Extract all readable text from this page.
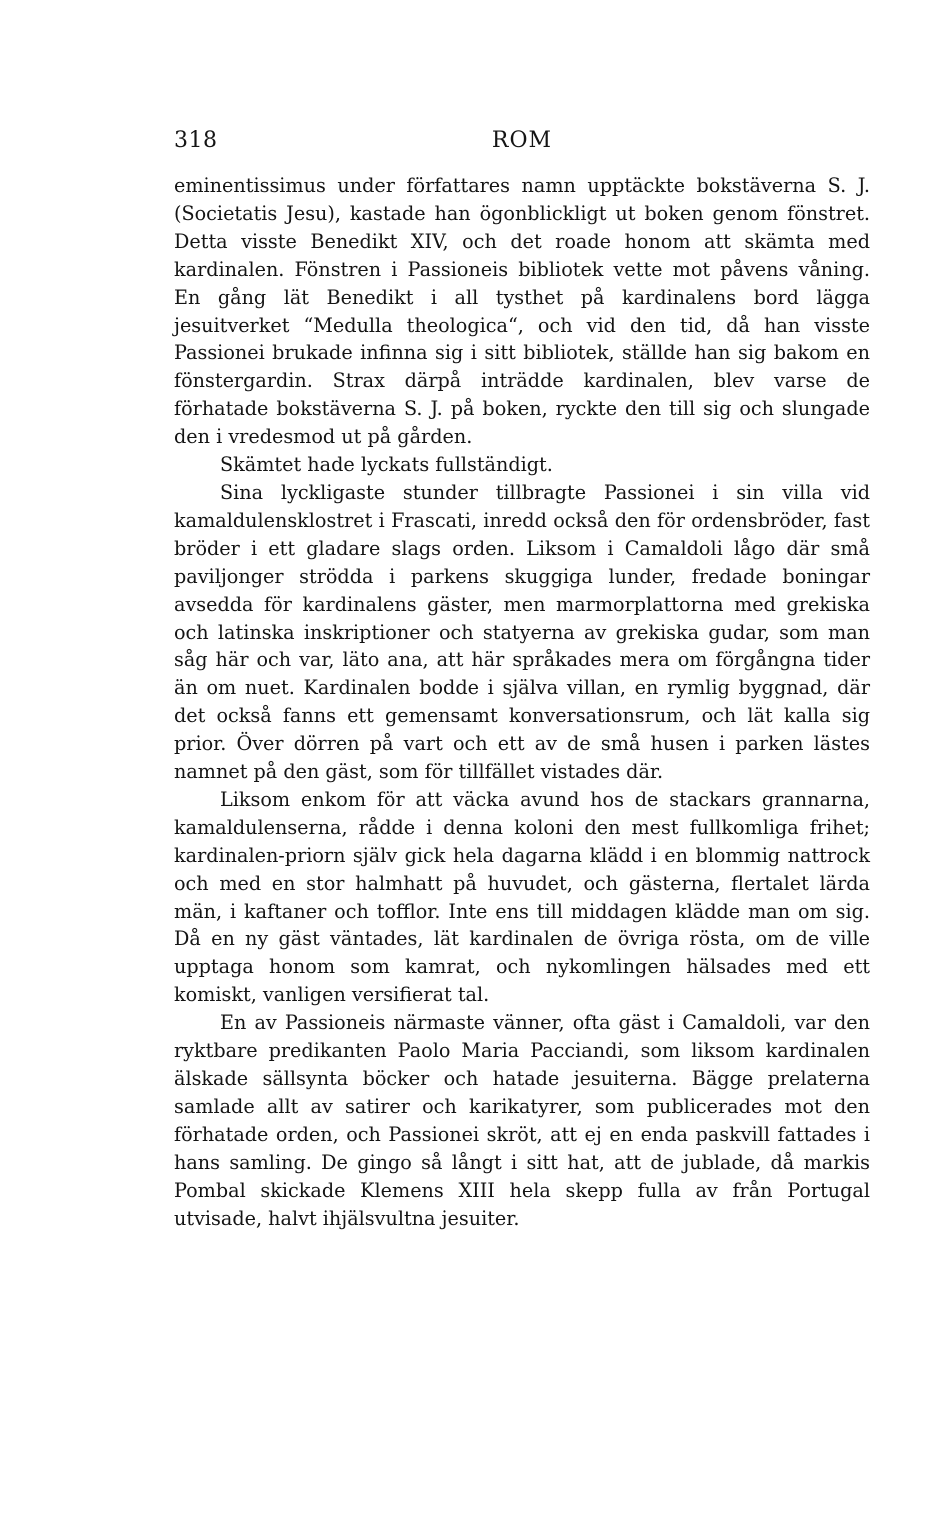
318	ROM

eminentissimus under författares namn upptäckte bokstäverna S. J. (Societatis Jesu), kastade han ögonblickligt ut boken genom fönstret. Detta visste Benedikt XIV, och det roade honom att skämta med kardinalen. Fönstren i Passioneis bibliotek vette mot påvens våning. En gång lät Benedikt i all tysthet på kardinalens bord lägga jesuitverket “Medulla theologica“, och vid den tid, då han visste Passionei brukade infinna sig i sitt bibliotek, ställde han sig bakom en fönstergardin. Strax därpå inträdde kardinalen, blev varse de förhatade bokstäverna S. J. på boken, ryckte den till sig och slungade den i vredesmod ut på gården.

Skämtet hade lyckats fullständigt.

Sina lyckligaste stunder tillbragte Passionei i sin villa vid kamaldulensklostret i Frascati, inredd också den för ordensbröder, fast bröder i ett gladare slags orden. Liksom i Camaldoli lågo där små paviljonger strödda i parkens skuggiga lunder, fredade boningar avsedda för kardinalens gäster, men marmorplattorna med grekiska och latinska inskriptioner och statyerna av grekiska gudar, som man såg här och var, läto ana, att här språkades mera om förgångna tider än om nuet. Kardinalen bodde i själva villan, en rymlig byggnad, där det också fanns ett gemensamt konversationsrum, och lät kalla sig prior. Över dörren på vart och ett av de små husen i parken lästes namnet på den gäst, som för tillfället vistades där.

Liksom enkom för att väcka avund hos de stackars grannarna, kamaldulenserna, rådde i denna koloni den mest fullkomliga frihet; kardinalen-priorn själv gick hela dagarna klädd i en blommig nattrock och med en stor halmhatt på huvudet, och gästerna, flertalet lärda män, i kaftaner och tofflor. Inte ens till middagen klädde man om sig. Då en ny gäst väntades, lät kardinalen de övriga rösta, om de ville upptaga honom som kamrat, och nykomlingen hälsades med ett komiskt, vanligen versifierat tal.

En av Passioneis närmaste vänner, ofta gäst i Camaldoli, var den ryktbare predikanten Paolo Maria Pacciandi, som liksom kardinalen älskade sällsynta böcker och hatade jesuiterna. Bägge prelaterna samlade allt av satirer och karikatyrer, som publicerades mot den förhatade orden, och Passionei skröt, att ej en enda paskvill fattades i hans samling. De gingo så långt i sitt hat, att de jublade, då markis Pombal skickade Klemens XIII hela skepp fulla av från Portugal utvisade, halvt ihjälsvultna jesuiter.
